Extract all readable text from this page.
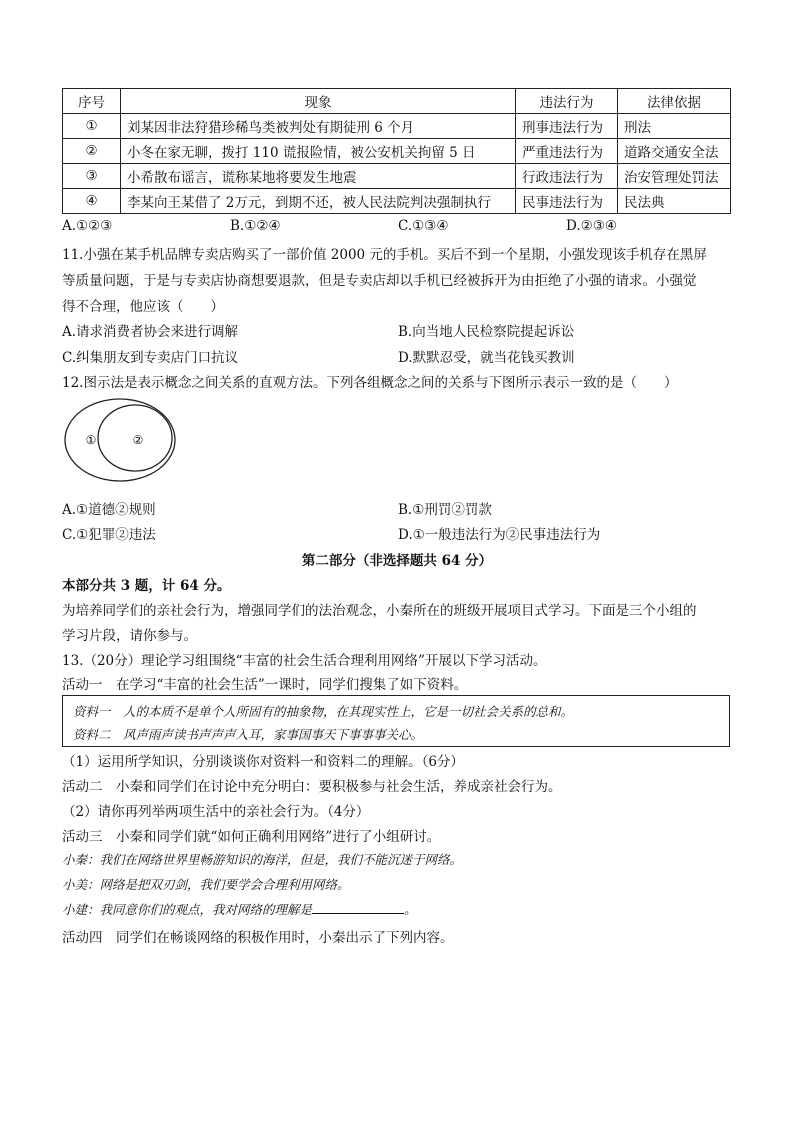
序号	现象	违法行为	法律依据
①	刘某因非法狩猎珍稀鸟类被判处有期徒刑 6 个月	刑事违法行为	刑法
②	小冬在家无聊，拨打 110 谎报险情，被公安机关拘留 5 日	严重违法行为	道路交通安全法
③	小希散布谣言，谎称某地将要发生地震	行政违法行为	治安管理处罚法
④	李某向王某借了 2万元，到期不还，被人民法院判决强制执行	民事违法行为	民法典
A.①②③	B.①②④	C.①③④	D.②③④
11.小强在某手机品牌专卖店购买了一部价值 2000 元的手机。买后不到一个星期，小强发现该手机存在黑屏
等质量问题，于是与专卖店协商想要退款，但是专卖店却以手机已经被拆开为由拒绝了小强的请求。小强觉
得不合理，他应该（　　）
A.请求消费者协会来进行调解	B.向当地人民检察院提起诉讼
C.纠集朋友到专卖店门口抗议	D.默默忍受，就当花钱买教训
12.图示法是表示概念之间关系的直观方法。下列各组概念之间的关系与下图所示表示一致的是（　　）
①	②
A.①道德②规则	B.①刑罚②罚款
C.①犯罪②违法	D.①一般违法行为②民事违法行为
第二部分（非选择题共 64 分）
本部分共 3 题，计 64 分。
为培养同学们的亲社会行为，增强同学们的法治观念，小秦所在的班级开展项目式学习。下面是三个小组的
学习片段，请你参与。
13.（20分）理论学习组围绕“丰富的社会生活合理利用网络”开展以下学习活动。
活动一　在学习“丰富的社会生活”一课时，同学们搜集了如下资料。
资料一　人的本质不是单个人所固有的抽象物，在其现实性上，它是一切社会关系的总和。
资料二　风声雨声读书声声声入耳，家事国事天下事事事关心。
（1）运用所学知识，分别谈谈你对资料一和资料二的理解。（6分）
活动二　小秦和同学们在讨论中充分明白：要积极参与社会生活，养成亲社会行为。
（2）请你再列举两项生活中的亲社会行为。（4分）
活动三　小秦和同学们就“如何正确利用网络”进行了小组研讨。
小秦：我们在网络世界里畅游知识的海洋，但是，我们不能沉迷于网络。
小美：网络是把双刃剑，我们要学会合理利用网络。
小建：我同意你们的观点，我对网络的理解是	。
活动四　同学们在畅谈网络的积极作用时，小秦出示了下列内容。
